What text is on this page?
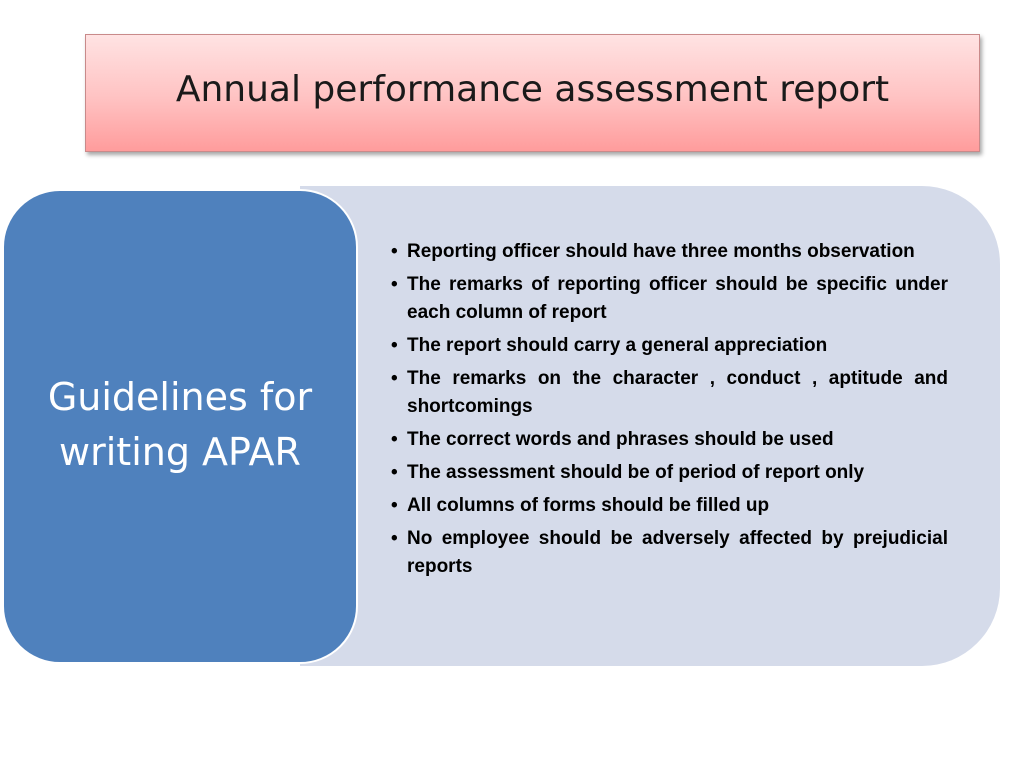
Annual performance assessment report
Guidelines for writing APAR
• Reporting officer should have three months observation
• The remarks of reporting officer should be specific under each column of report
• The report should carry a general appreciation
• The remarks on the character , conduct , aptitude and shortcomings
• The correct words and phrases should be used
• The assessment should be of period of report only
• All columns of forms should be filled up
• No employee should be adversely affected by prejudicial reports
